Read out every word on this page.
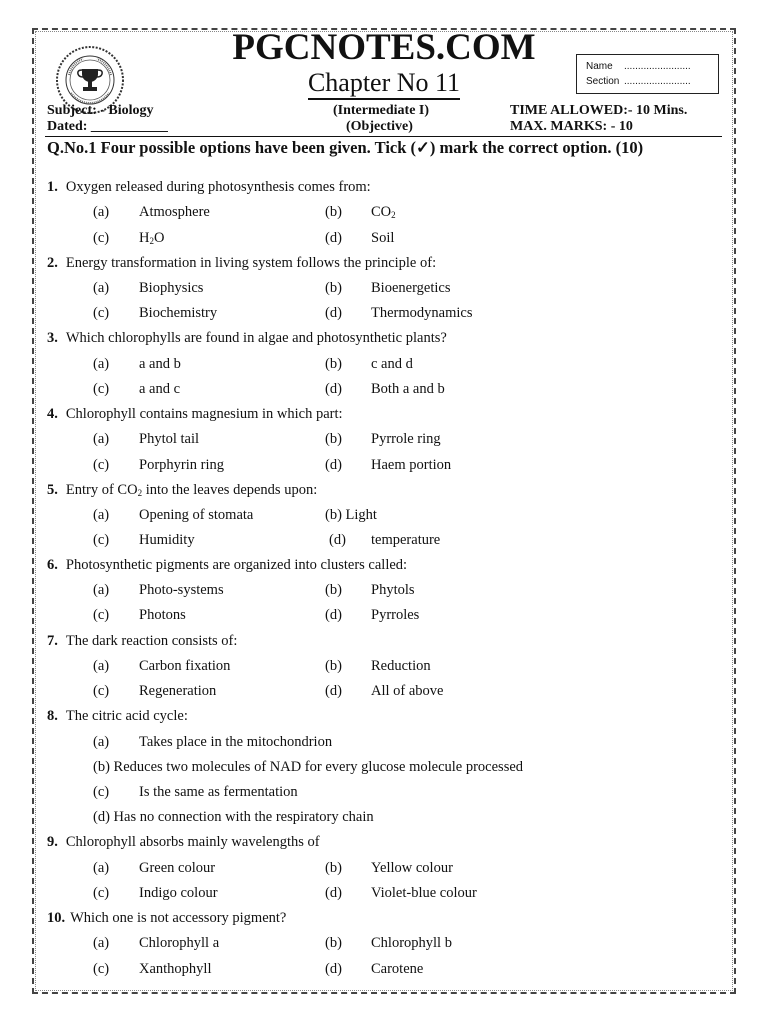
PGCNOTES.COM
Chapter No 11
Name ........................
Section ........................
Subject: - Biology
Dated: ___________
(Intermediate I)
(Objective)
TIME ALLOWED:- 10 Mins.
MAX. MARKS: - 10
Q.No.1 Four possible options have been given. Tick (✓) mark the correct option. (10)
1. Oxygen released during photosynthesis comes from:
(a) Atmosphere	(b) $CO_2$
(c) $H_2O$	(d) Soil
2. Energy transformation in living system follows the principle of:
(a) Biophysics	(b) Bioenergetics
(c) Biochemistry	(d) Thermodynamics
3. Which chlorophylls are found in algae and photosynthetic plants?
(a) a and b	(b) c and d
(c) a and c	(d) Both a and b
4. Chlorophyll contains magnesium in which part:
(a) Phytol tail	(b) Pyrrole ring
(c) Porphyrin ring	(d) Haem portion
5. Entry of $CO_2$ into the leaves depends upon:
(a) Opening of stomata	(b) Light
(c) Humidity	(d) temperature
6. Photosynthetic pigments are organized into clusters called:
(a) Photo-systems	(b) Phytols
(c) Photons	(d) Pyrroles
7. The dark reaction consists of:
(a) Carbon fixation	(b) Reduction
(c) Regeneration	(d) All of above
8. The citric acid cycle:
(a) Takes place in the mitochondrion
(b) Reduces two molecules of NAD for every glucose molecule processed
(c) Is the same as fermentation
(d) Has no connection with the respiratory chain
9. Chlorophyll absorbs mainly wavelengths of
(a) Green colour	(b) Yellow colour
(c) Indigo colour	(d) Violet-blue colour
10. Which one is not accessory pigment?
(a) Chlorophyll a	(b) Chlorophyll b
(c) Xanthophyll	(d) Carotene
